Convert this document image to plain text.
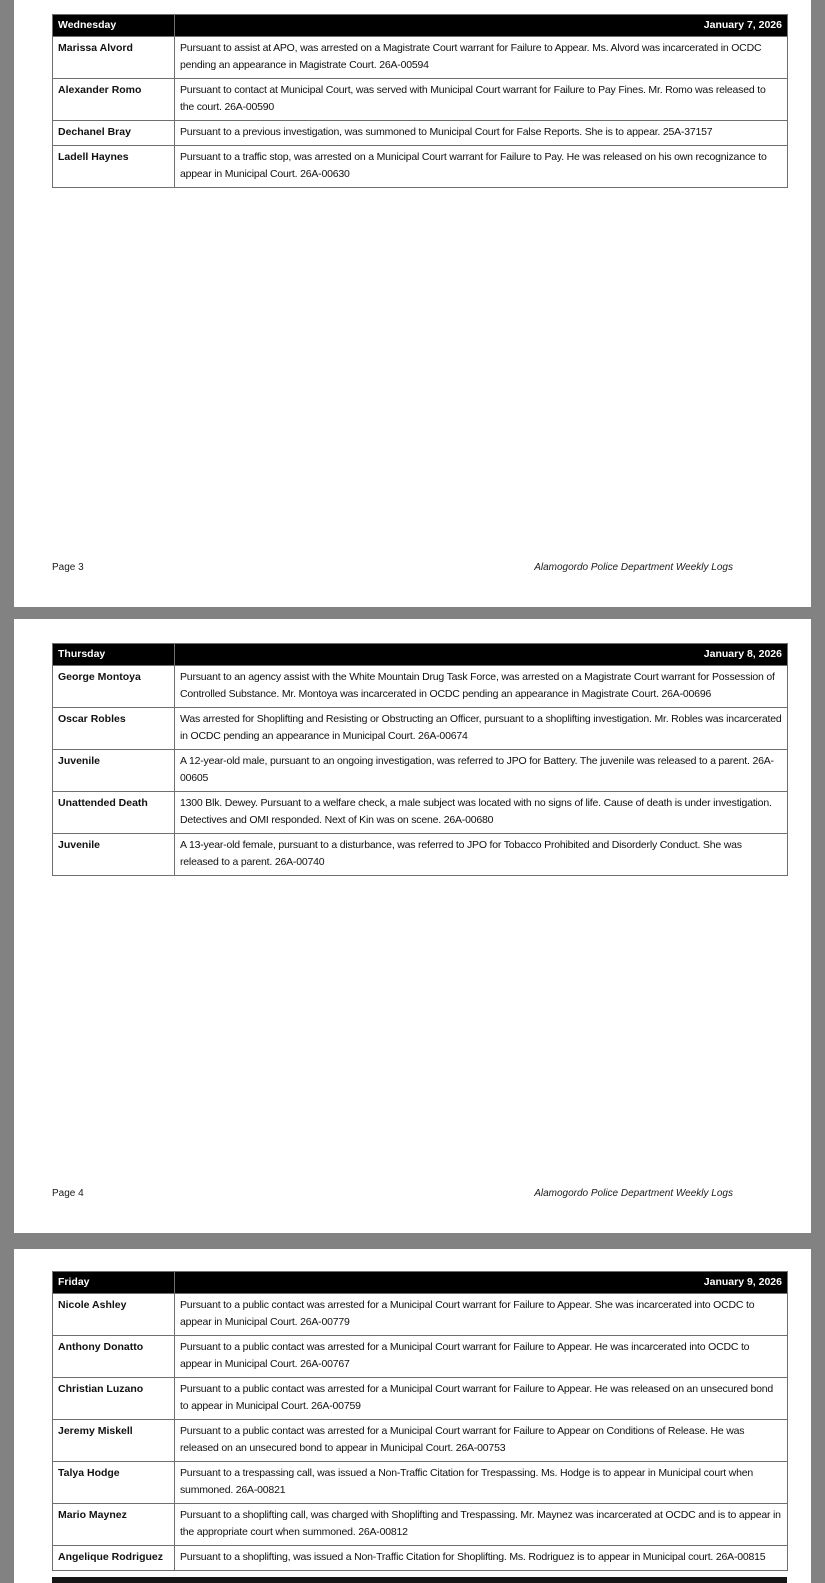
Wednesday	January 7, 2026
Marissa Alvord	Pursuant to assist at APO, was arrested on a Magistrate Court warrant for Failure to Appear. Ms. Alvord was incarcerated in OCDC pending an appearance in Magistrate Court. 26A-00594
Alexander Romo	Pursuant to contact at Municipal Court, was served with Municipal Court warrant for Failure to Pay Fines. Mr. Romo was released to the court. 26A-00590
Dechanel Bray	Pursuant to a previous investigation, was summoned to Municipal Court for False Reports. She is to appear. 25A-37157
Ladell Haynes	Pursuant to a traffic stop, was arrested on a Municipal Court warrant for Failure to Pay. He was released on his own recognizance to appear in Municipal Court. 26A-00630
Page 3	Alamogordo Police Department Weekly Logs
Thursday	January 8, 2026
George Montoya	Pursuant to an agency assist with the White Mountain Drug Task Force, was arrested on a Magistrate Court warrant for Possession of Controlled Substance. Mr. Montoya was incarcerated in OCDC pending an appearance in Magistrate Court. 26A-00696
Oscar Robles	Was arrested for Shoplifting and Resisting or Obstructing an Officer, pursuant to a shoplifting investigation. Mr. Robles was incarcerated in OCDC pending an appearance in Municipal Court. 26A-00674
Juvenile	A 12-year-old male, pursuant to an ongoing investigation, was referred to JPO for Battery. The juvenile was released to a parent. 26A-00605
Unattended Death	1300 Blk. Dewey. Pursuant to a welfare check, a male subject was located with no signs of life. Cause of death is under investigation. Detectives and OMI responded. Next of Kin was on scene. 26A-00680
Juvenile	A 13-year-old female, pursuant to a disturbance, was referred to JPO for Tobacco Prohibited and Disorderly Conduct. She was released to a parent. 26A-00740
Page 4	Alamogordo Police Department Weekly Logs
Friday	January 9, 2026
Nicole Ashley	Pursuant to a public contact was arrested for a Municipal Court warrant for Failure to Appear. She was incarcerated into OCDC to appear in Municipal Court. 26A-00779
Anthony Donatto	Pursuant to a public contact was arrested for a Municipal Court warrant for Failure to Appear. He was incarcerated into OCDC to appear in Municipal Court. 26A-00767
Christian Luzano	Pursuant to a public contact was arrested for a Municipal Court warrant for Failure to Appear. He was released on an unsecured bond to appear in Municipal Court. 26A-00759
Jeremy Miskell	Pursuant to a public contact was arrested for a Municipal Court warrant for Failure to Appear on Conditions of Release. He was released on an unsecured bond to appear in Municipal Court. 26A-00753
Talya Hodge	Pursuant to a trespassing call, was issued a Non-Traffic Citation for Trespassing. Ms. Hodge is to appear in Municipal court when summoned. 26A-00821
Mario Maynez	Pursuant to a shoplifting call, was charged with Shoplifting and Trespassing. Mr. Maynez was incarcerated at OCDC and is to appear in the appropriate court when summoned. 26A-00812
Angelique Rodriguez	Pursuant to a shoplifting, was issued a Non-Traffic Citation for Shoplifting. Ms. Rodriguez is to appear in Municipal court. 26A-00815
